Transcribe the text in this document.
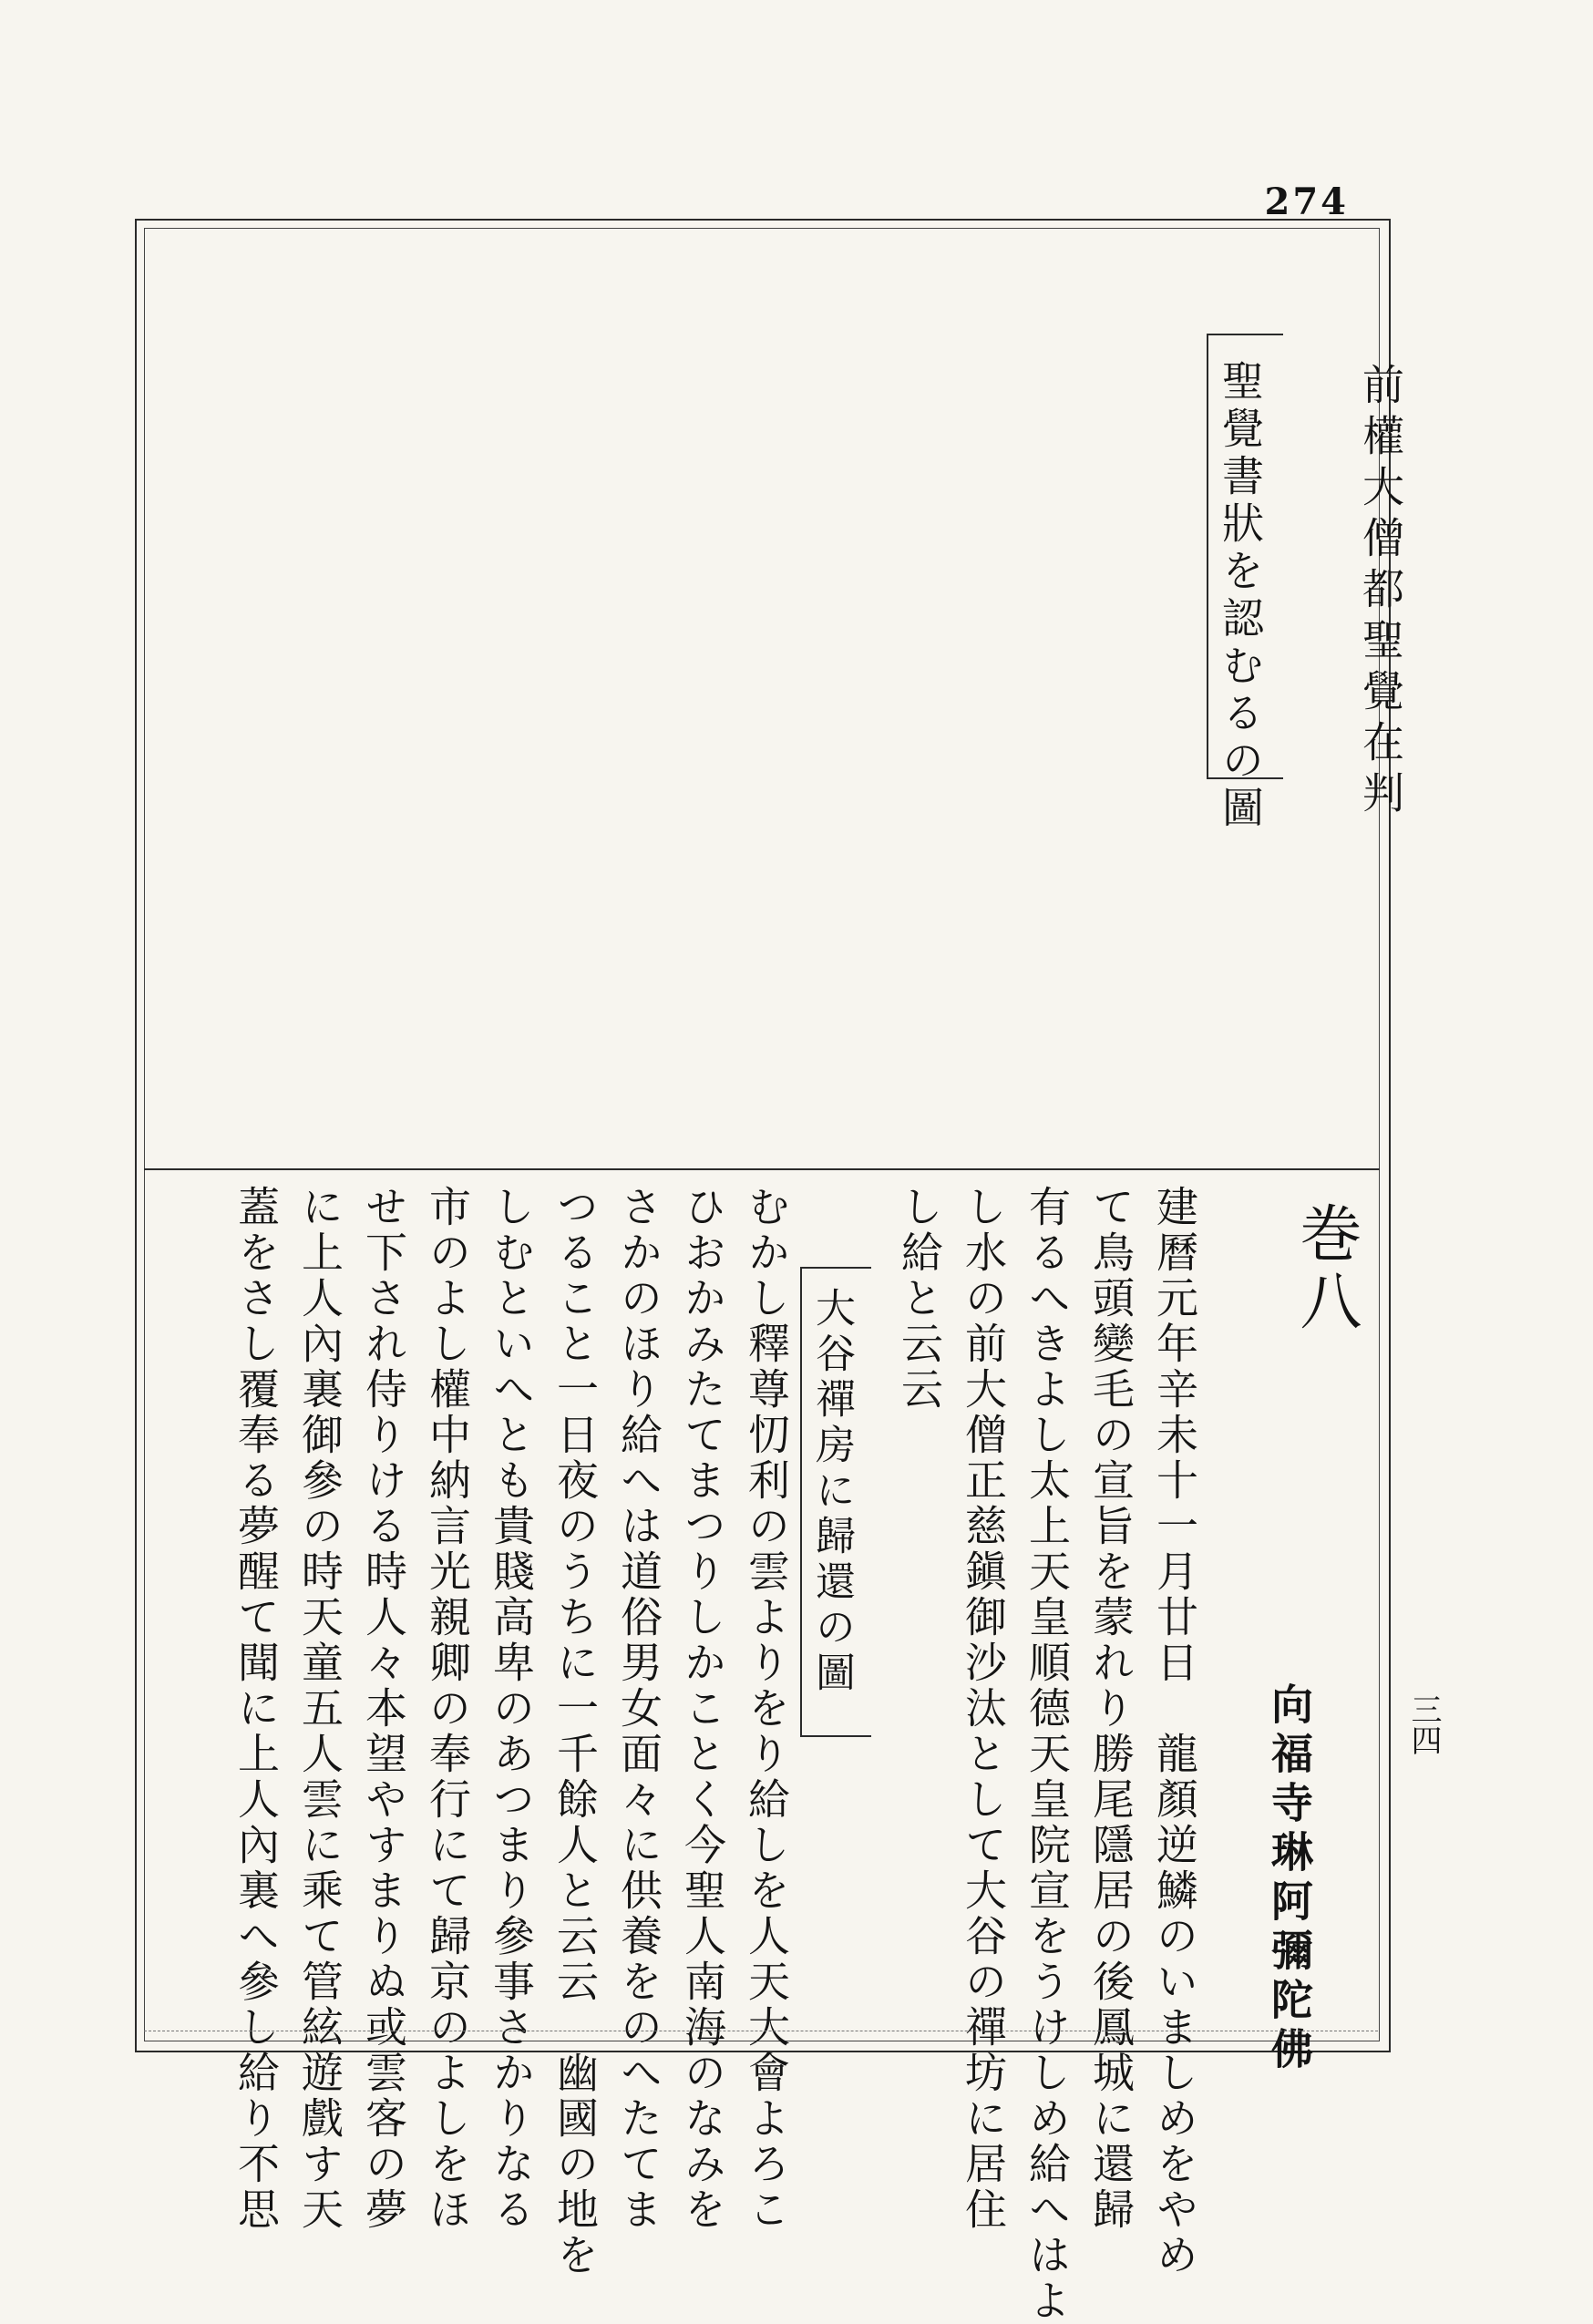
274
前權大僧都聖覺在判
聖覺書狀を認むるの圖
巻八
向福寺琳阿彌陀佛	三四
建曆元年辛未十一月廿日　龍顏逆鱗のいましめをやめ
て鳥頭變毛の宣旨を蒙れり勝尾隱居の後鳳城に還歸
有るへきよし太上天皇順德天皇院宣をうけしめ給へはよ
し水の前大僧正慈鎭御沙汰として大谷の禪坊に居住
し給と云云
大谷禪房に歸還の圖
むかし釋尊忉利の雲よりをり給しを人天大會よろこ
ひおかみたてまつりしかことく今聖人南海のなみを
さかのほり給へは道俗男女面々に供養をのへたてま
つること一日夜のうちに一千餘人と云云　幽國の地を
しむといへとも貴賤高卑のあつまり參事さかりなる
市のよし權中納言光親卿の奉行にて歸京のよしをほ
せ下され侍りける時人々本望やすまりぬ或雲客の夢
に上人內裏御參の時天童五人雲に乘て管絃遊戲す天
蓋をさし覆奉る夢醒て聞に上人內裏へ參し給り不思
